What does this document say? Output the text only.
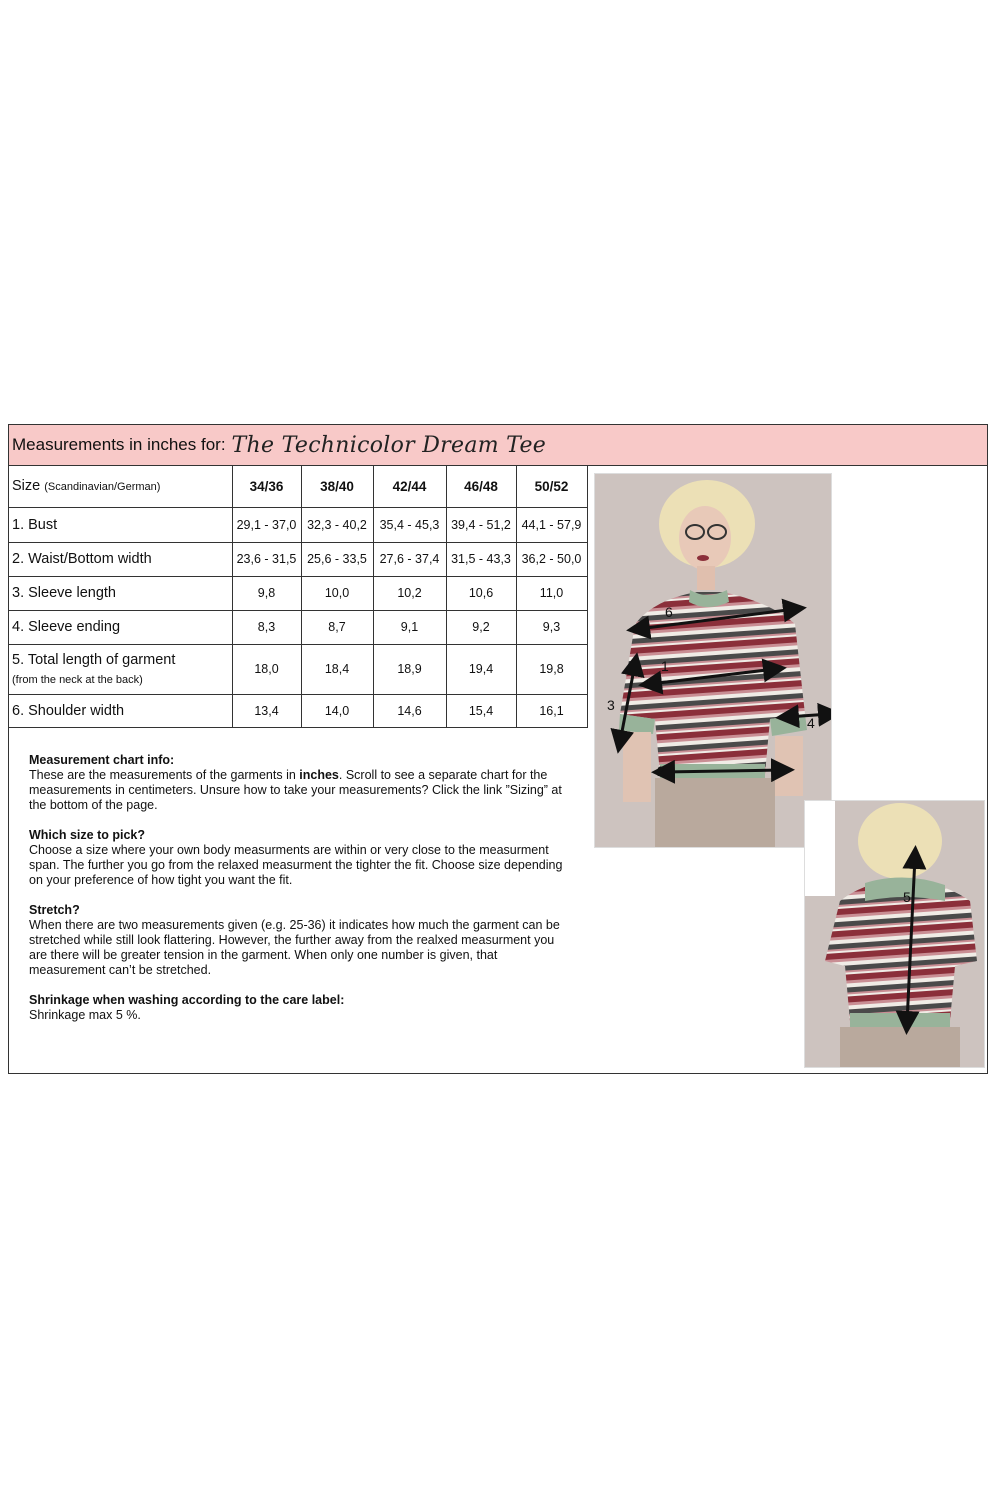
Measurements in inches for: The Technicolor Dream Tee
Size (Scandinavian/German)	34/36	38/40	42/44	46/48	50/52
1. Bust	29,1 - 37,0	32,3 - 40,2	35,4 - 45,3	39,4 - 51,2	44,1 - 57,9
2. Waist/Bottom width	23,6 - 31,5	25,6 - 33,5	27,6 - 37,4	31,5 - 43,3	36,2 - 50,0
3. Sleeve length	9,8	10,0	10,2	10,6	11,0
4. Sleeve ending	8,3	8,7	9,1	9,2	9,3
5. Total length of garment
(from the neck at the back)	18,0	18,4	18,9	19,4	19,8
6. Shoulder width	13,4	14,0	14,6	15,4	16,1
Measurement chart info:

These are the measurements of the garments in inches. Scroll to see a separate chart for the measurements in centimeters. Unsure how to take your measurements? Click the link ”Sizing” at the bottom of the page.

Which size to pick?

Choose a size where your own body measurments are within or very close to the measurment span. The further you go from the relaxed measurment the tighter the fit. Choose size depending on your preference of how tight you want the fit.

Stretch?

When there are two measurements given (e.g. 25-36) it indicates how much the garment can be stretched while still look flattering. However, the further away from the realxed measurment you are there will be greater tension in the garment. When only one number is given, that measurement can’t be stretched.

Shrinkage when washing according to the care label:

Shrinkage max 5 %.

6
1
3
4
2
5
